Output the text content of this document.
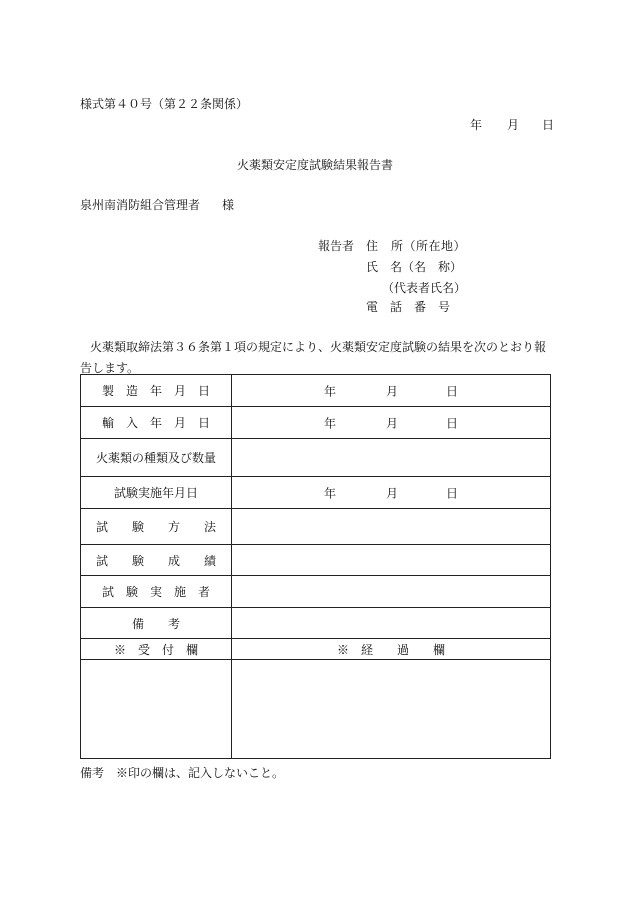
様式第４０号（第２２条関係）
年 月 日
火薬類安定度試験結果報告書
泉州南消防組合管理者 様
報告者 住　所（所在地）
氏　名（名　称）
（代表者氏名）
電　話　番　号
火薬類取締法第３６条第１項の規定により、火薬類安定度試験の結果を次のとおり報告します。
製　造　年　月　日	年 月 日

輸　入　年　月　日	年 月 日

火薬類の種類及び数量	
試験実施年月日	年 月 日

試　　験　　方　　法	
試　　験　　成　　績	
試　験　実　施　者	
備　　考	
※　受　付　欄	※　経　　過　　欄

備考　※印の欄は、記入しないこと。
